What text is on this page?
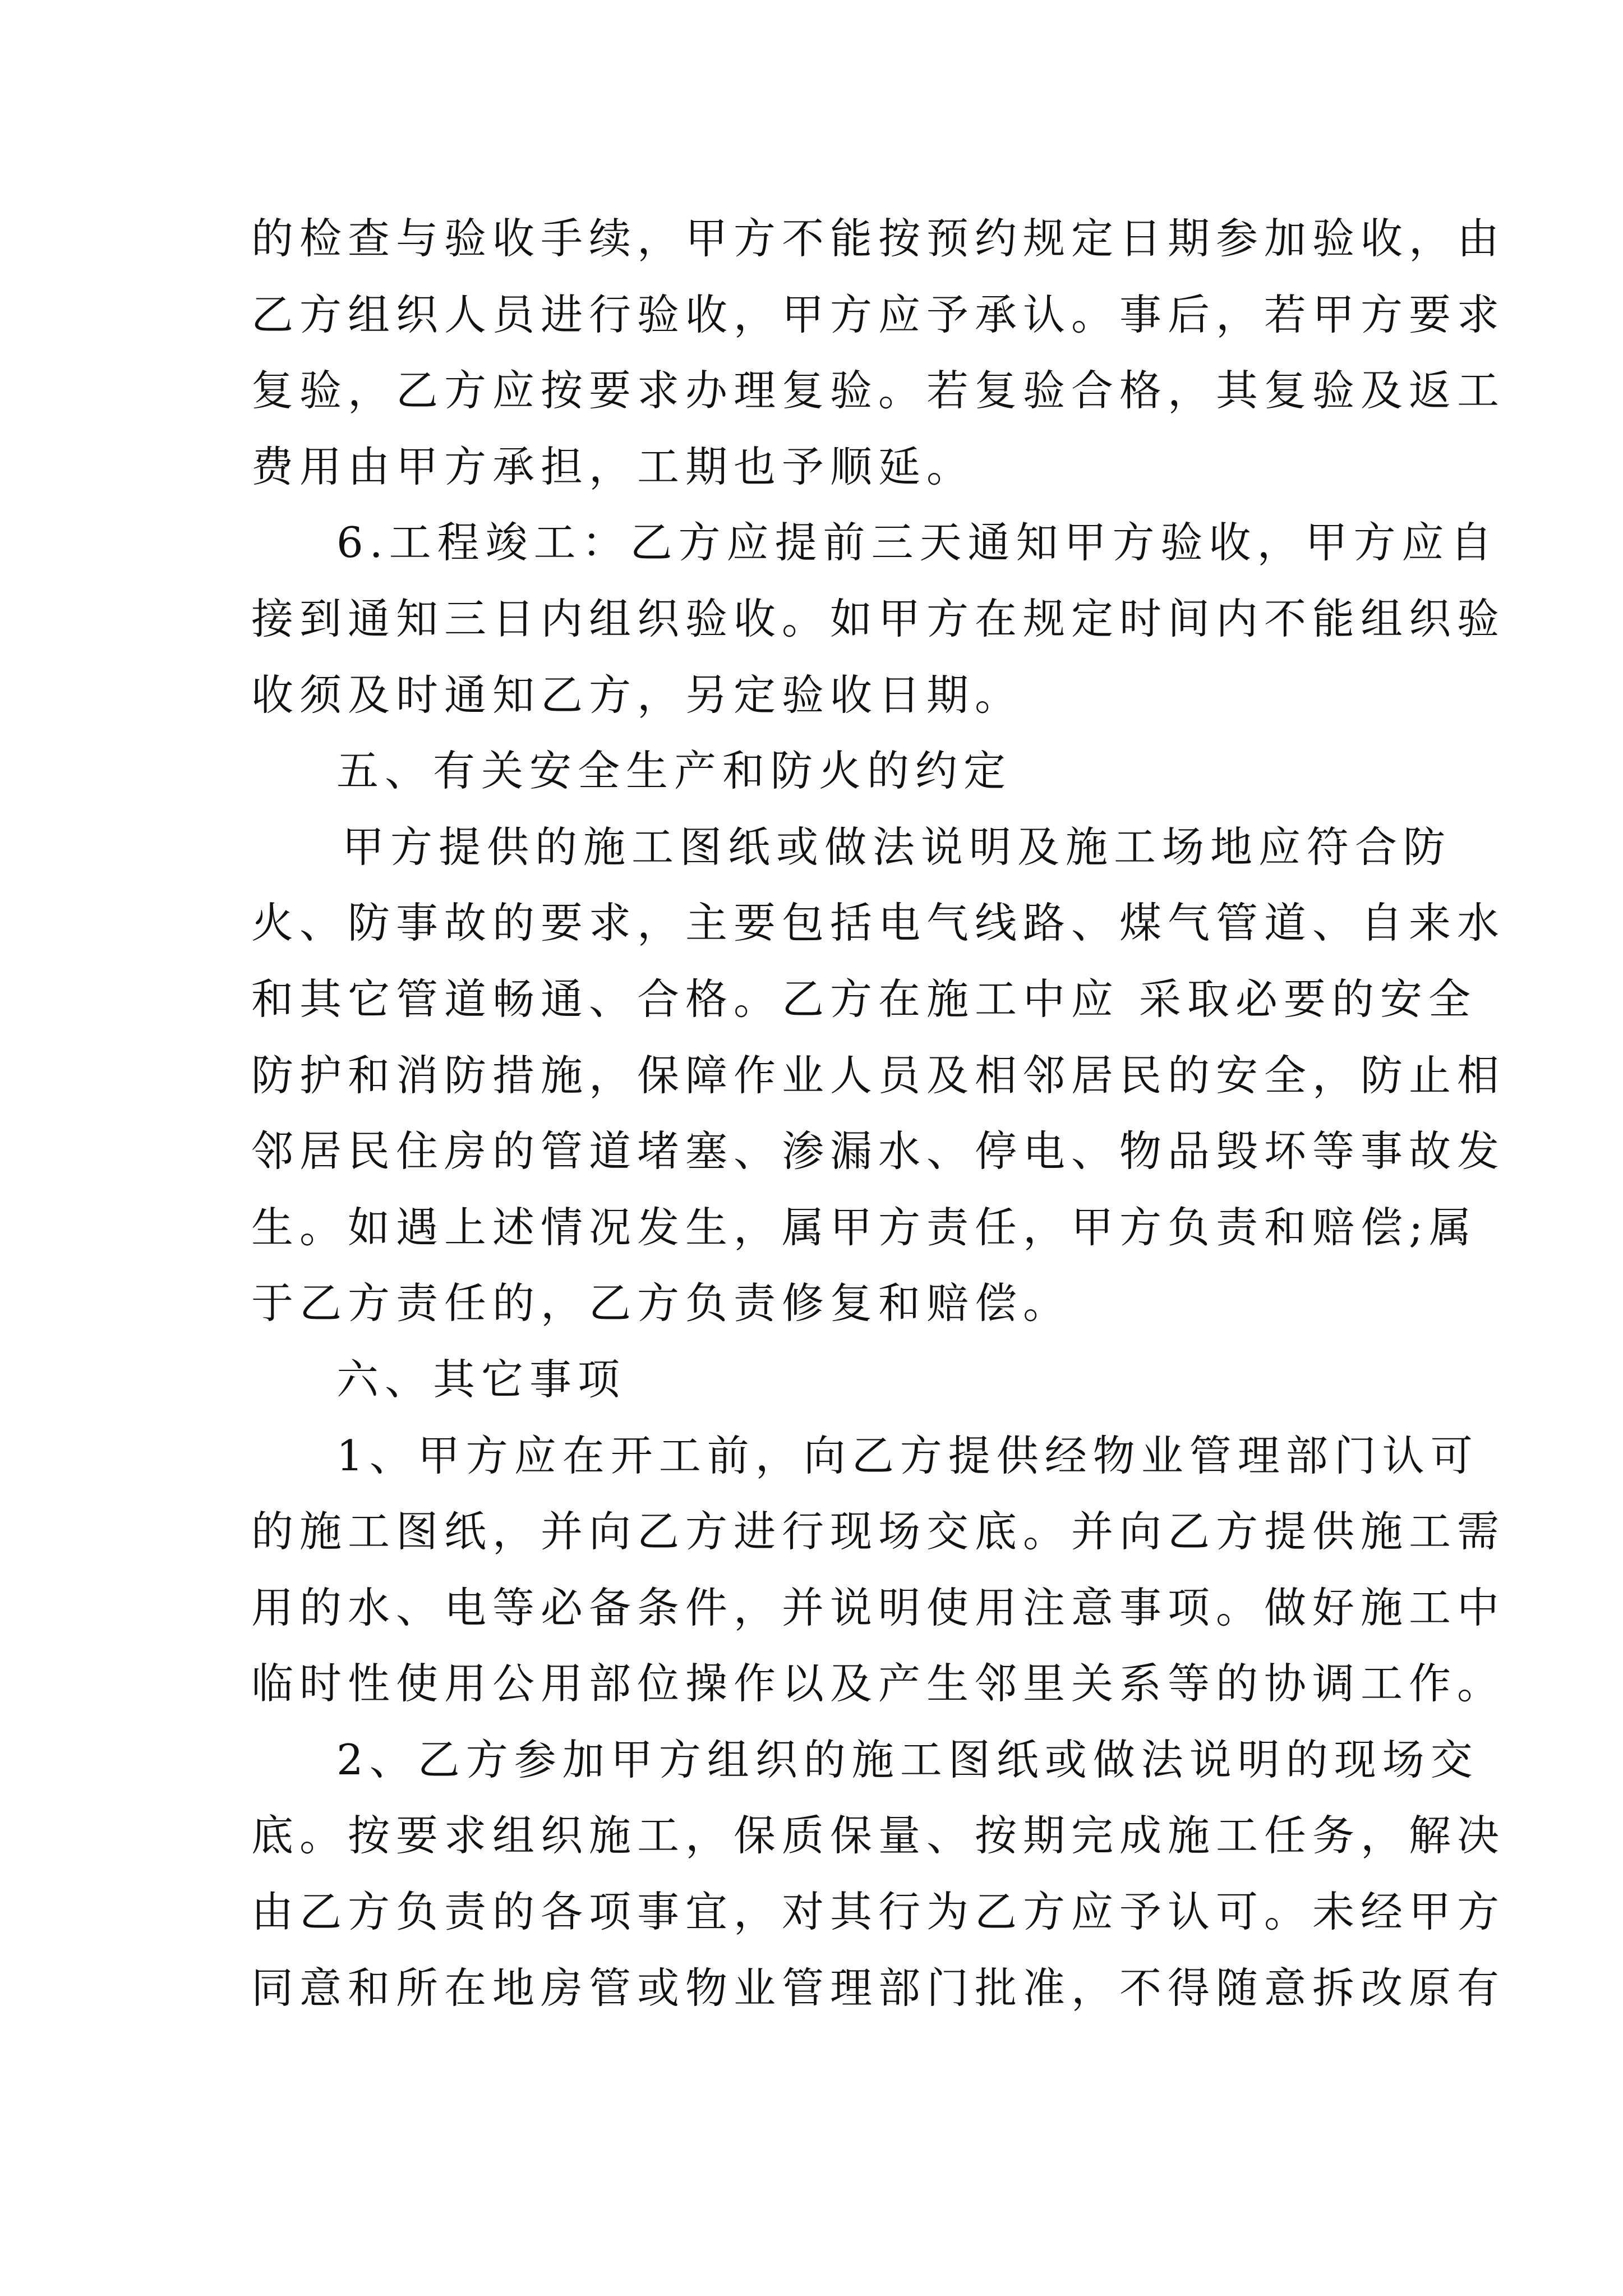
的检查与验收手续，甲方不能按预约规定日期参加验收，由
乙方组织人员进行验收，甲方应予承认。事后，若甲方要求
复验，乙方应按要求办理复验。若复验合格，其复验及返工
费用由甲方承担，工期也予顺延。
6.工程竣工：乙方应提前三天通知甲方验收，甲方应自
接到通知三日内组织验收。如甲方在规定时间内不能组织验
收须及时通知乙方，另定验收日期。
五、有关安全生产和防火的约定
甲方提供的施工图纸或做法说明及施工场地应符合防
火、防事故的要求，主要包括电气线路、煤气管道、自来水
和其它管道畅通、合格。乙方在施工中应 采取必要的安全
防护和消防措施，保障作业人员及相邻居民的安全，防止相
邻居民住房的管道堵塞、渗漏水、停电、物品毁坏等事故发
生。如遇上述情况发生，属甲方责任，甲方负责和赔偿;属
于乙方责任的，乙方负责修复和赔偿。
六、其它事项
1、甲方应在开工前，向乙方提供经物业管理部门认可
的施工图纸，并向乙方进行现场交底。并向乙方提供施工需
用的水、电等必备条件，并说明使用注意事项。做好施工中
临时性使用公用部位操作以及产生邻里关系等的协调工作。
2、乙方参加甲方组织的施工图纸或做法说明的现场交
底。按要求组织施工，保质保量、按期完成施工任务，解决
由乙方负责的各项事宜，对其行为乙方应予认可。未经甲方
同意和所在地房管或物业管理部门批准，不得随意拆改原有
